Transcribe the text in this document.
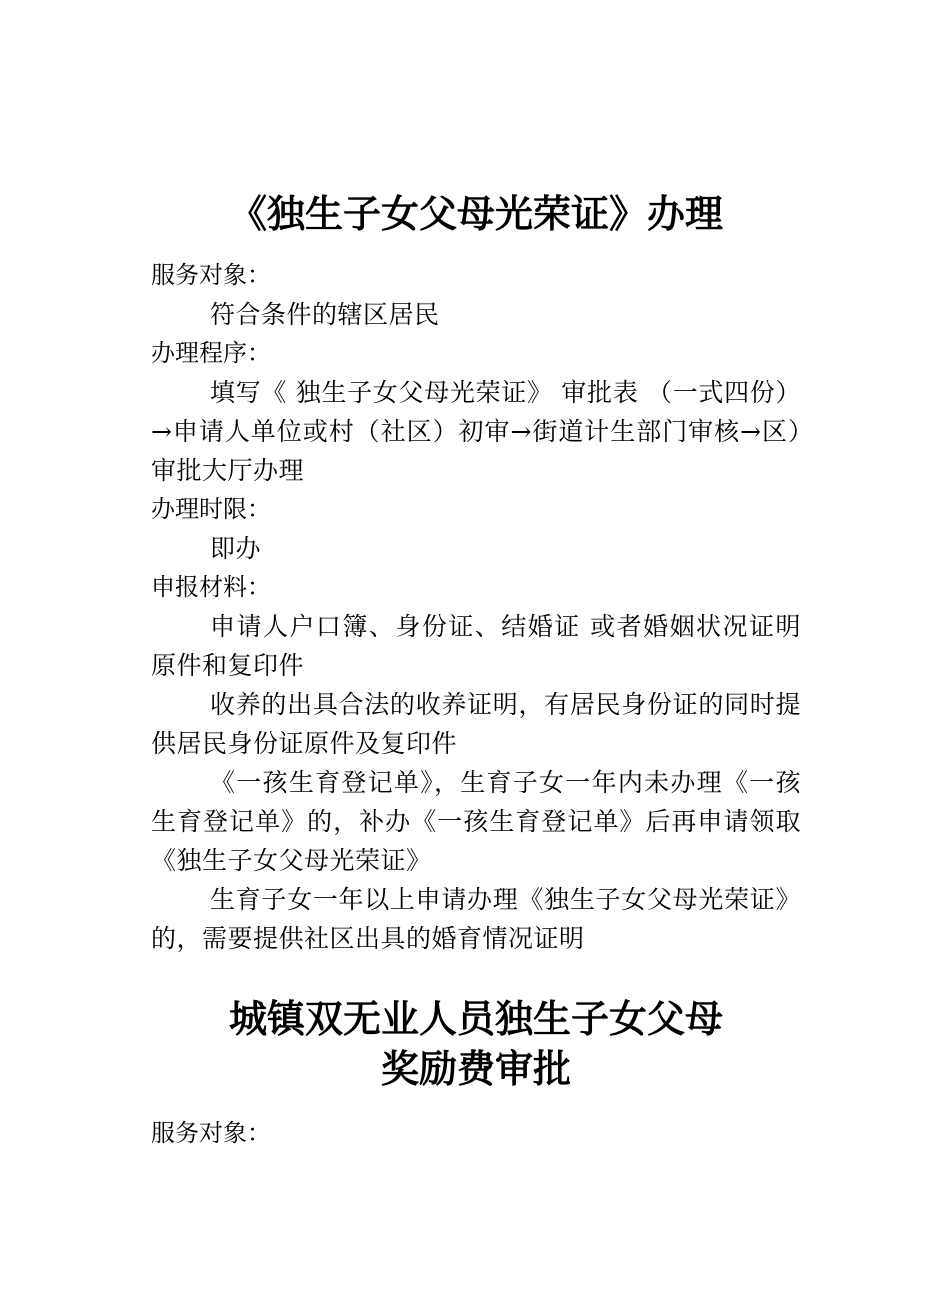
《独生子女父母光荣证》办理
服务对象：

符合条件的辖区居民

办理程序：

填写《 独生子女父母光荣证》 审批表 （一式四份）→申请人单位或村（社区）初审→街道计生部门审核→区）审批大厅办理

办理时限：

即办

申报材料：

申请人户口簿、身份证、结婚证 或者婚姻状况证明原件和复印件

收养的出具合法的收养证明，有居民身份证的同时提供居民身份证原件及复印件

《一孩生育登记单》，生育子女一年内未办理《一孩生育登记单》的，补办《一孩生育登记单》后再申请领取《独生子女父母光荣证》

生育子女一年以上申请办理《独生子女父母光荣证》的，需要提供社区出具的婚育情况证明

城镇双无业人员独生子女父母
奖励费审批
服务对象：
